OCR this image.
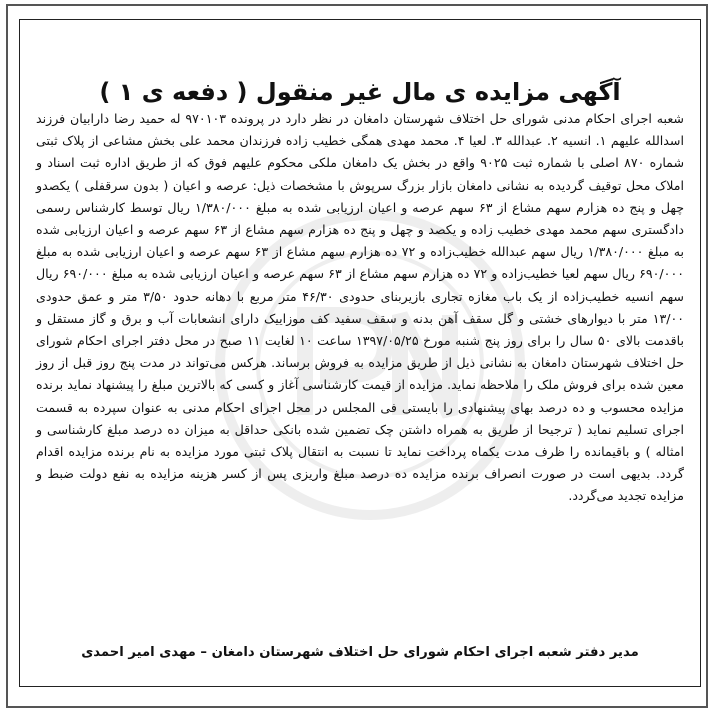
آگهی مزایده ی مال غیر منقول ( دفعه ی ۱ )
شعبه اجرای احکام مدنی شورای حل اختلاف شهرستان دامغان در نظر دارد در پرونده ۹۷۰۱۰۳ له حمید رضا دارابیان فرزند اسدالله علیهم ۱. انسیه ۲. عبدالله ۳. لعیا ۴. محمد مهدی همگی خطیب زاده فرزندان محمد علی بخش مشاعی از پلاک ثبتی شماره ۸۷۰ اصلی با شماره ثبت ۹۰۲۵ واقع در بخش یک دامغان ملکی محکوم علیهم فوق که از طریق اداره ثبت اسناد و املاک محل توقیف گردیده به نشانی دامغان بازار بزرگ سرپوش با مشخصات ذیل: عرصه و اعیان ( بدون سرقفلی ) یکصدو چهل و پنج ده هزارم سهم مشاع از ۶۳ سهم عرصه و اعیان ارزیابی شده به مبلغ ۱/۳۸۰/۰۰۰ ریال توسط کارشناس رسمی دادگستری سهم محمد مهدی خطیب زاده و یکصد و چهل و پنج ده هزارم سهم مشاع از ۶۳ سهم عرصه و اعیان ارزیابی شده به مبلغ ۱/۳۸۰/۰۰۰ ریال سهم عبدالله خطیب‌زاده و ۷۲ ده هزارم سهم مشاع از ۶۳ سهم عرصه و اعیان ارزیابی شده به مبلغ ۶۹۰/۰۰۰ ریال سهم لعیا خطیب‌زاده و ۷۲ ده هزارم سهم مشاع از ۶۳ سهم عرصه و اعیان ارزیابی شده به مبلغ ۶۹۰/۰۰۰ ریال سهم انسیه خطیب‌زاده از یک باب مغازه تجاری بازیربنای حدودی ۴۶/۳۰ متر مربع با دهانه حدود ۳/۵۰ متر و عمق حدودی ۱۳/۰۰ متر با دیوارهای خشتی و گل سقف آهن بدنه و سقف سفید کف موزاییک دارای انشعابات آب و برق و گاز مستقل و باقدمت بالای ۵۰ سال را برای روز پنج شنبه مورخ ۱۳۹۷/۰۵/۲۵ ساعت ۱۰ لغایت ۱۱ صبح در محل دفتر اجرای احکام شورای حل اختلاف شهرستان دامغان به نشانی ذیل از طریق مزایده به فروش برساند. هرکس می‌تواند در مدت پنج روز قبل از روز معین شده برای فروش ملک را ملاحظه نماید. مزایده از قیمت کارشناسی آغاز و کسی که بالاترین مبلغ را پیشنهاد نماید برنده مزایده محسوب و ده درصد بهای پیشنهادی را بایستی فی المجلس در محل اجرای احکام مدنی به عنوان سپرده به قسمت اجرای تسلیم نماید ( ترجیحا از طریق به همراه داشتن چک تضمین شده بانکی حداقل به میزان ده درصد مبلغ کارشناسی و امثاله ) و باقیمانده را ظرف مدت یکماه پرداخت نماید تا نسبت به انتقال پلاک ثبتی مورد مزایده به نام برنده مزایده اقدام گردد. بدیهی است در صورت انصراف برنده مزایده ده درصد مبلغ واریزی پس از کسر هزینه مزایده به نفع دولت ضبط و مزایده تجدید می‌گردد.
مدیر دفتر شعبه اجرای احکام شورای حل اختلاف شهرستان دامغان – مهدی امیر احمدی
